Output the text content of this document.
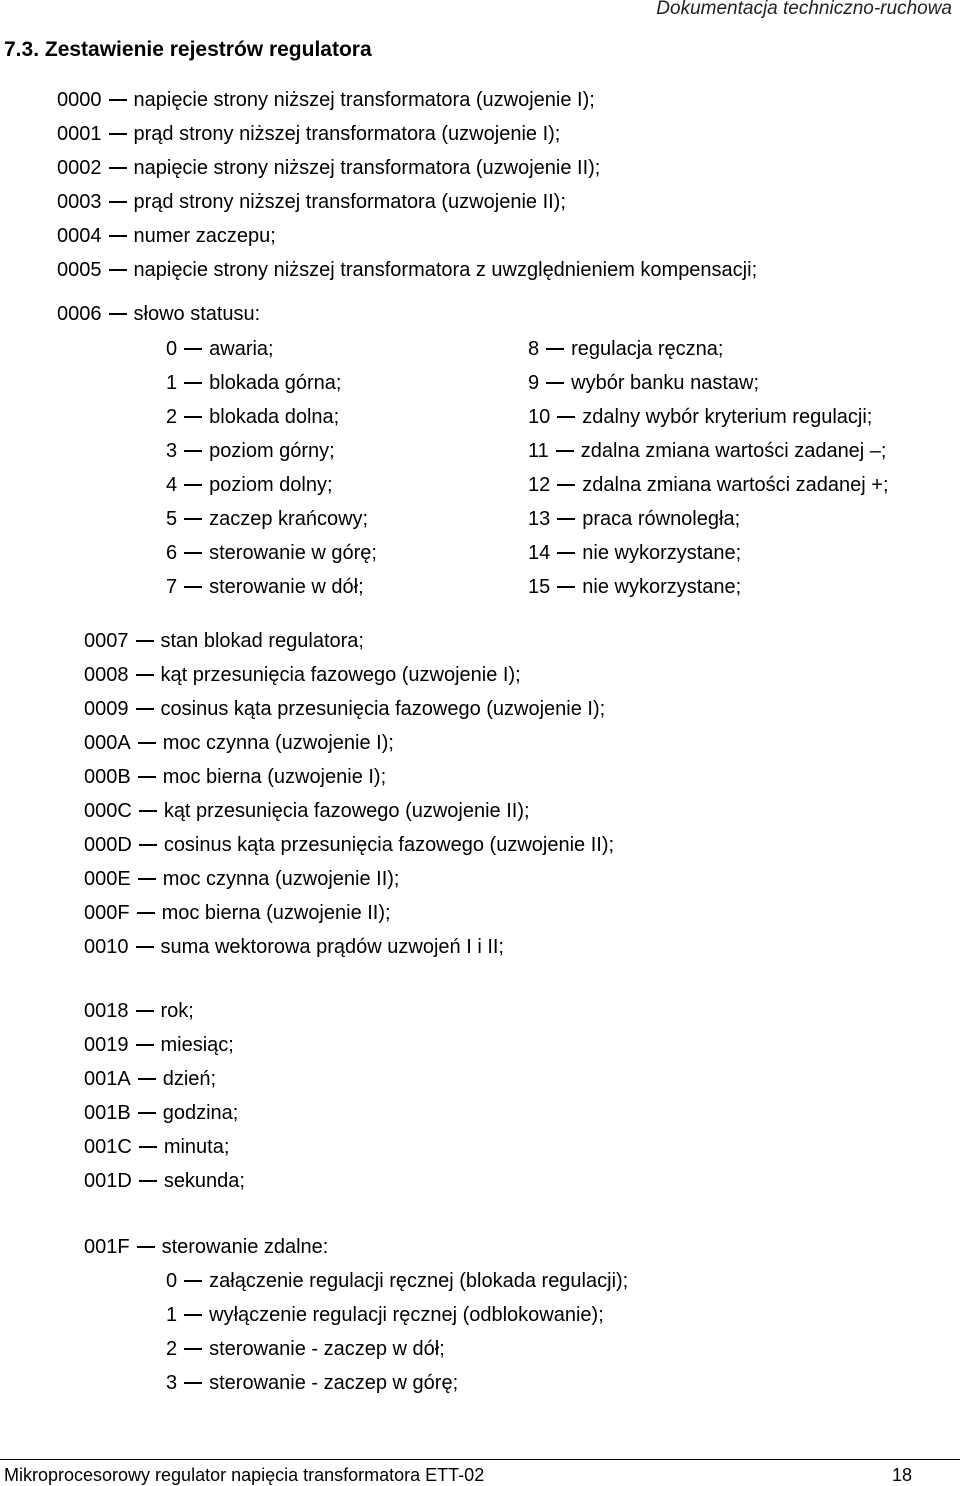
Dokumentacja techniczno-ruchowa
7.3. Zestawienie rejestrów regulatora
0000 napięcie strony niższej transformatora (uzwojenie I);
0001 prąd strony niższej transformatora (uzwojenie I);
0002 napięcie strony niższej transformatora (uzwojenie II);
0003 prąd strony niższej transformatora (uzwojenie II);
0004 numer zaczepu;
0005 napięcie strony niższej transformatora z uwzględnieniem kompensacji;
0006 słowo statusu:
0 awaria;
1 blokada górna;
2 blokada dolna;
3 poziom górny;
4 poziom dolny;
5 zaczep krańcowy;
6 sterowanie w górę;
7 sterowanie w dół;
8 regulacja ręczna;
9 wybór banku nastaw;
10 zdalny wybór kryterium regulacji;
11 zdalna zmiana wartości zadanej –;
12 zdalna zmiana wartości zadanej +;
13 praca równoległa;
14 nie wykorzystane;
15 nie wykorzystane;
0007 stan blokad regulatora;
0008 kąt przesunięcia fazowego (uzwojenie I);
0009 cosinus kąta przesunięcia fazowego (uzwojenie I);
000A moc czynna (uzwojenie I);
000B moc bierna (uzwojenie I);
000C kąt przesunięcia fazowego (uzwojenie II);
000D cosinus kąta przesunięcia fazowego (uzwojenie II);
000E moc czynna (uzwojenie II);
000F moc bierna (uzwojenie II);
0010 suma wektorowa prądów uzwojeń I i II;
0018 rok;
0019 miesiąc;
001A dzień;
001B godzina;
001C minuta;
001D sekunda;
001F sterowanie zdalne:
0 załączenie regulacji ręcznej (blokada regulacji);
1 wyłączenie regulacji ręcznej (odblokowanie);
2 sterowanie - zaczep w dół;
3 sterowanie - zaczep w górę;
Mikroprocesorowy regulator napięcia transformatora ETT-02	18
